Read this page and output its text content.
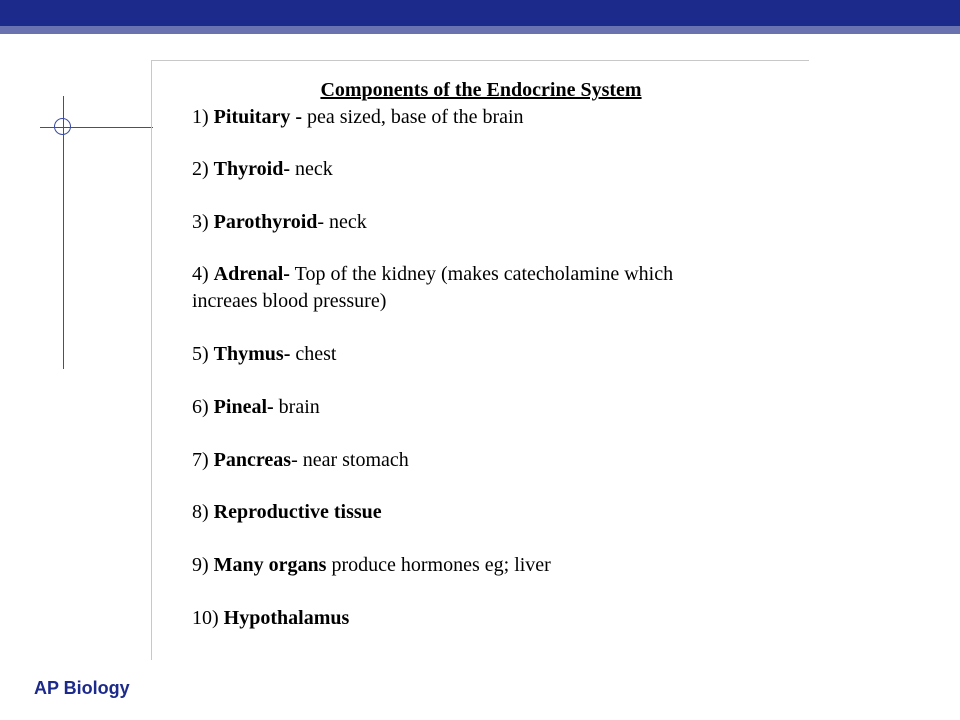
Components of the Endocrine System
1) Pituitary - pea sized, base of the brain
2) Thyroid- neck
3) Parothyroid- neck
4) Adrenal- Top of the kidney (makes catecholamine which
increaes blood pressure)
5) Thymus- chest
6) Pineal- brain
7) Pancreas- near stomach
8) Reproductive tissue
9) Many organs produce hormones eg; liver
10) Hypothalamus
AP Biology
